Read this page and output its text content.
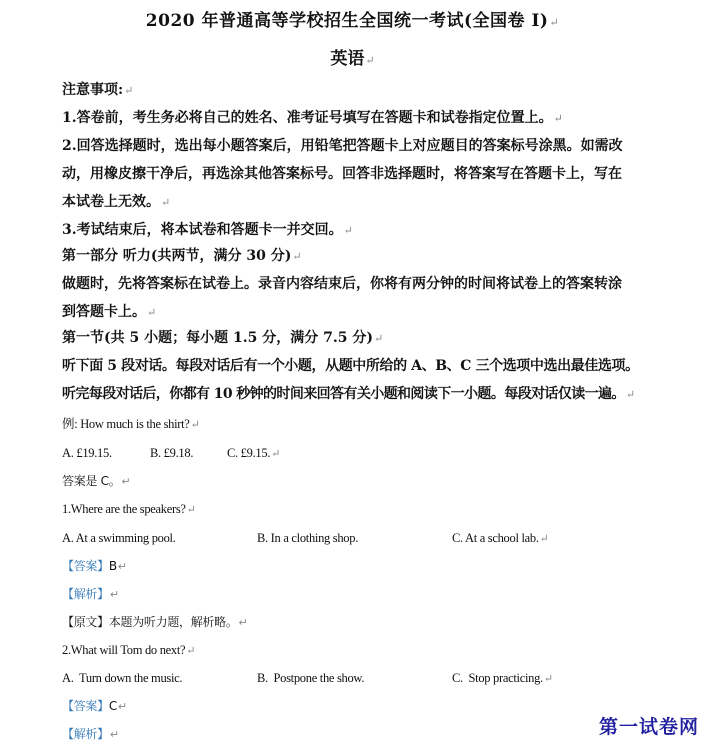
2020 年普通高等学校招生全国统一考试(全国卷 I)↵
英语↵
注意事项:↵
1.答卷前，考生务必将自己的姓名、准考证号填写在答题卡和试卷指定位置上。↵
2.回答选择题时，选出每小题答案后，用铅笔把答题卡上对应题目的答案标号涂黑。如需改
动，用橡皮擦干净后，再选涂其他答案标号。回答非选择题时，将答案写在答题卡上，写在
本试卷上无效。↵
3.考试结束后，将本试卷和答题卡一并交回。↵
第一部分 听力(共两节，满分 30 分)↵
做题时，先将答案标在试卷上。录音内容结束后，你将有两分钟的时间将试卷上的答案转涂
到答题卡上。↵
第一节(共 5 小题；每小题 1.5 分，满分 7.5 分)↵
听下面 5 段对话。每段对话后有一个小题，从题中所给的 A、B、C 三个选项中选出最佳选项。
听完每段对话后，你都有 10 秒钟的时间来回答有关小题和阅读下一小题。每段对话仅读一遍。↵
例: How much is the shirt?↵
A. £19.15.	B. £9.18.	C. £9.15.↵
答案是 C。↵
1.Where are the speakers?↵
A. At a swimming pool.	B. In a clothing shop.	C. At a school lab.↵
【答案】B↵
【解析】↵
【原文】本题为听力题，解析略。↵
2.What will Tom do next?↵
A.  Turn down the music.	B.  Postpone the show.	C.  Stop practicing.↵
【答案】C↵
【解析】↵	第一试卷网
